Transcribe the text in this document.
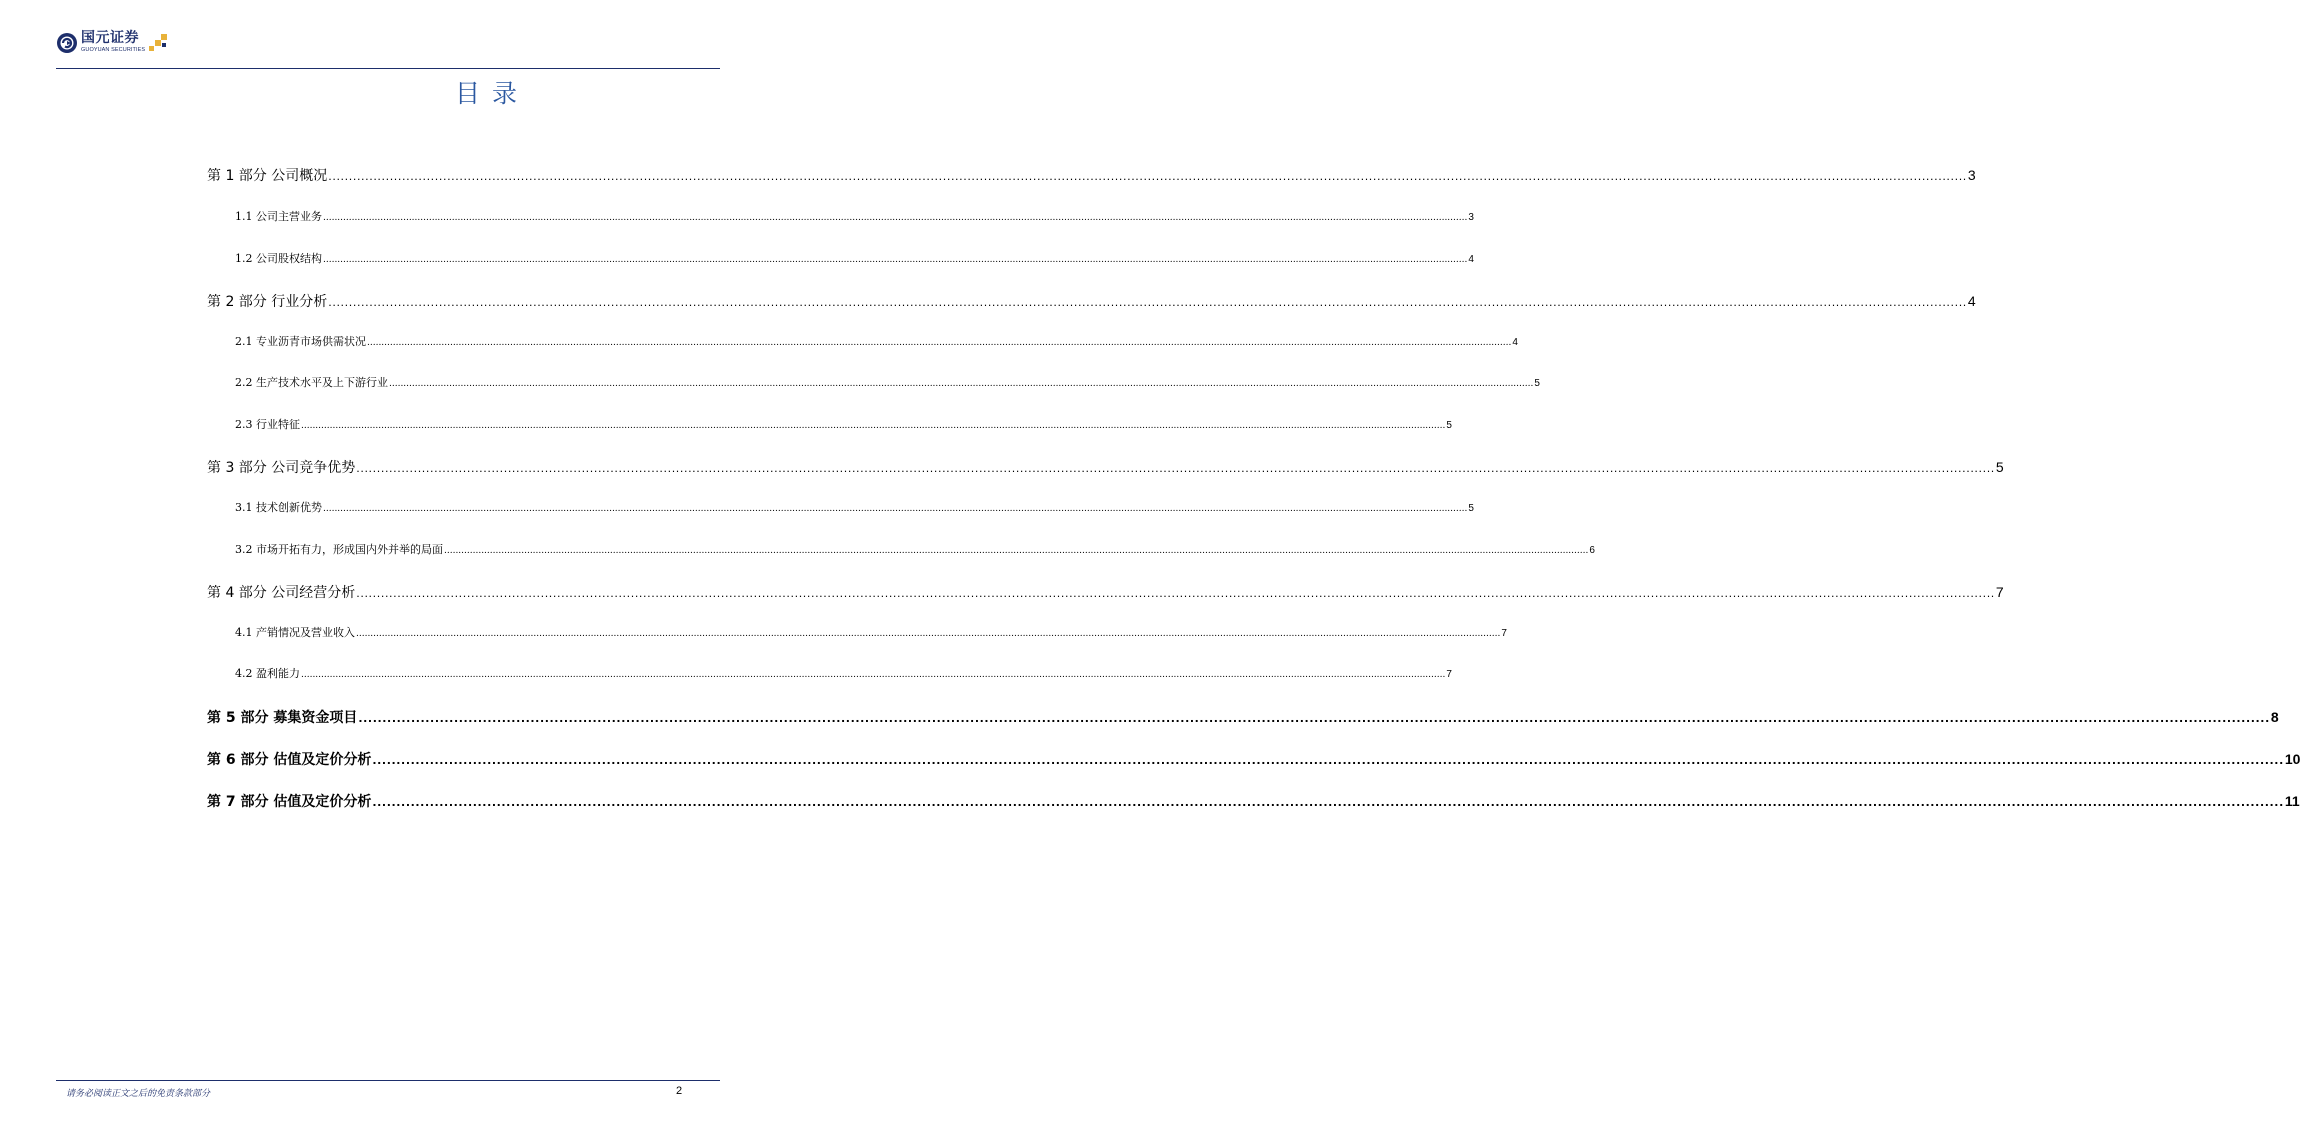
国元证券
GUOYUAN SECURITIES
目录
第 1 部分 公司概况 ................................................................................................................................................................................................................................................................................................................................................................................................................ 3
1.1 公司主营业务 ................................................................................................................................................................................................................................................................................................................................................................................................................ 3
1.2 公司股权结构 ................................................................................................................................................................................................................................................................................................................................................................................................................ 4
第 2 部分 行业分析 ................................................................................................................................................................................................................................................................................................................................................................................................................ 4
2.1 专业沥青市场供需状况 ................................................................................................................................................................................................................................................................................................................................................................................................................ 4
2.2 生产技术水平及上下游行业 ................................................................................................................................................................................................................................................................................................................................................................................................................ 5
2.3 行业特征 ................................................................................................................................................................................................................................................................................................................................................................................................................ 5
第 3 部分 公司竞争优势 ................................................................................................................................................................................................................................................................................................................................................................................................................ 5
3.1 技术创新优势 ................................................................................................................................................................................................................................................................................................................................................................................................................ 5
3.2 市场开拓有力，形成国内外并举的局面 ................................................................................................................................................................................................................................................................................................................................................................................................................ 6
第 4 部分 公司经营分析 ................................................................................................................................................................................................................................................................................................................................................................................................................ 7
4.1 产销情况及营业收入 ................................................................................................................................................................................................................................................................................................................................................................................................................ 7
4.2 盈利能力 ................................................................................................................................................................................................................................................................................................................................................................................................................ 7
第 5 部分 募集资金项目 ................................................................................................................................................................................................................................................................................................................................................................................................................ 8
第 6 部分 估值及定价分析 ................................................................................................................................................................................................................................................................................................................................................................................................................ 10
第 7 部分 估值及定价分析 ................................................................................................................................................................................................................................................................................................................................................................................................................ 11
请务必阅读正文之后的免责条款部分	2
